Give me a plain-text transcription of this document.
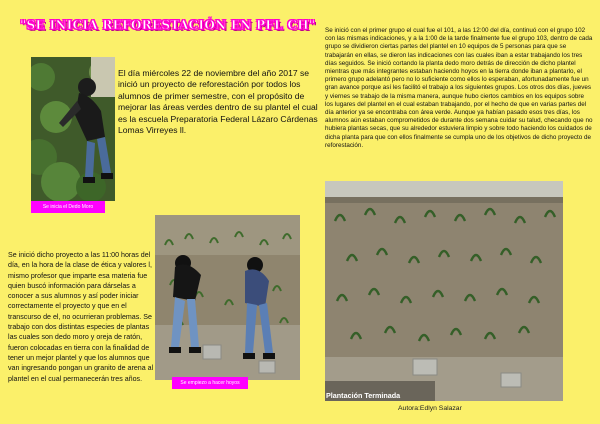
"SE INICIA REFORESTACIÓN EN PFL CH"
Se inicia el Dedo Moro
El día miércoles 22 de noviembre del año 2017 se inició un proyecto de reforestación por todos los alumnos de primer semestre, con el propósito de mejorar las áreas verdes dentro de su plantel el cual es la escuela Preparatoria Federal Lázaro Cárdenas Lomas Virreyes ll.
Se empiezo a hacer hoyos
Se inició dicho proyecto a las 11:00 horas del día, en la hora de la clase de ética y valores l, mismo profesor que imparte esa materia fue quien buscó información para dárselas a conocer a sus alumnos y así poder iniciar correctamente el proyecto y que en el transcurso de el, no ocurrieran problemas. Se trabajo con dos distintas especies de plantas las cuales son dedo moro y oreja de ratón, fueron colocadas en tierra con la finalidad de tener un mejor plantel y que los alumnos que van ingresando pongan un granito de arena al plantel en el cual permanecerán tres años.
Se inició con el primer grupo el cual fue el 101, a las 12:00 del día, continuó con el grupo 102 con las mismas indicaciones, y a la 1:00 de la tarde finalmente fue el grupo 103, dentro de cada grupo se dividieron ciertas partes del plantel en 10 equipos de 5 personas para que se trabajarán en ellas, se dieron las indicaciones con las cuales iban a estar trabajando los tres días seguidos. Se inició cortando la planta dedo moro detrás de dirección de dicho plantel mientras que más integrantes estaban haciendo hoyos en la tierra donde iban a plantarlo, el primero grupo adelantó pero no lo suficiente como ellos lo esperaban, afortunadamente fue un gran avance porque así les facilitó el trabajo a los siguientes grupos. Los otros dos días, jueves y viernes se trabajo de la misma manera, aunque hubo ciertos cambios en los equipos sobre los lugares del plantel en el cual estaban trabajando, por el hecho de que en varias partes del día anterior ya se encontraba con área verde. Aunque ya habían pasado esos tres días, los alumnos aún estaban comprometidos de durante dos semana cuidar su talud, checando que no hubiera plantas secas, que su alrededor estuviera limpio y sobre todo haciendo los cuidados de dicha planta para que con ellos finalmente se cumpla uno de los objetivos de dicho proyecto de reforestación.
Plantación Terminada
Autora:Edlyn Salazar
